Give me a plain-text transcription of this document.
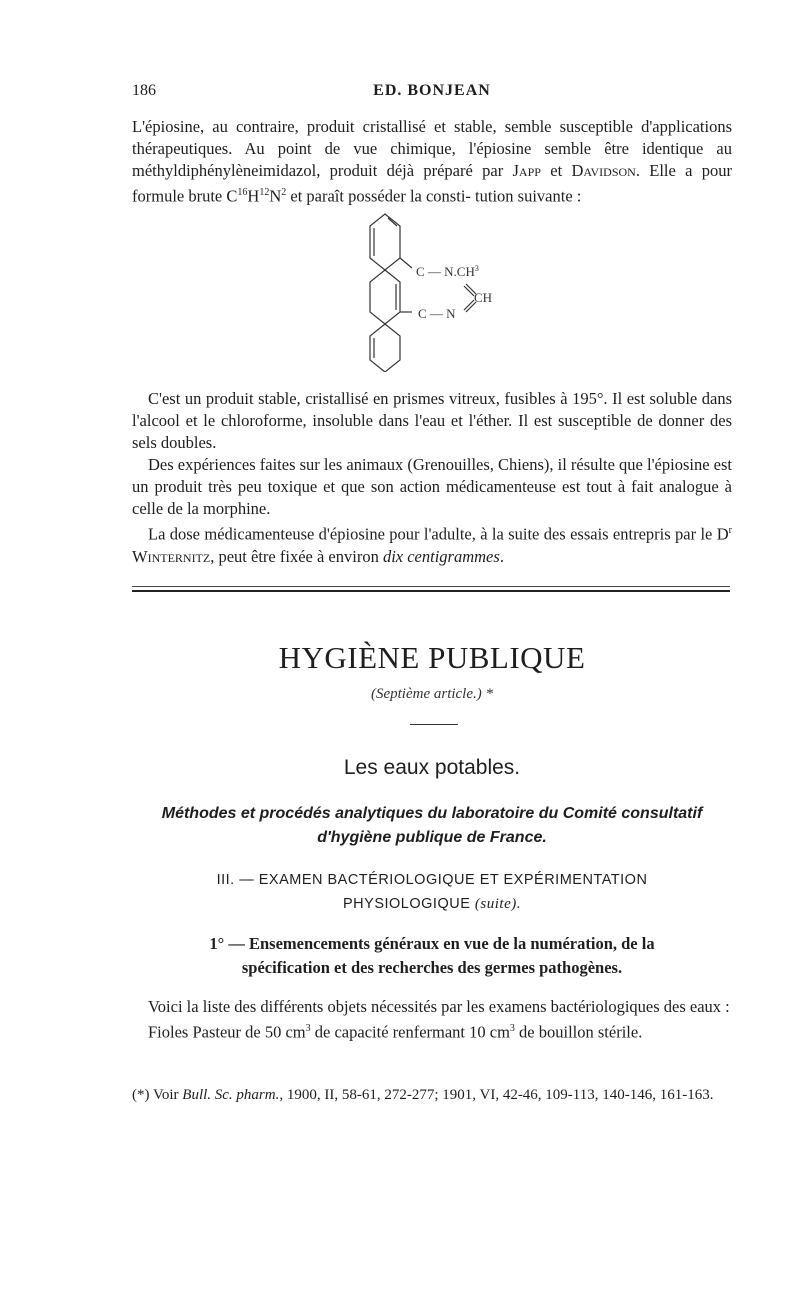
186	ED. BONJEAN

L'épiosine, au contraire, produit cristallisé et stable, semble susceptible d'applications thérapeutiques. Au point de vue chimique, l'épiosine semble être identique au méthyldiphénylèneimidazol, produit déjà préparé par Japp et Davidson. Elle a pour formule brute $C^{16}H^{12}N^2$ et paraît posséder la consti- tution suivante :

C — $N.CH^3$
CH
C — N

C'est un produit stable, cristallisé en prismes vitreux, fusibles à 195°. Il est soluble dans l'alcool et le chloroforme, insoluble dans l'eau et l'éther. Il est susceptible de donner des sels doubles.

Des expériences faites sur les animaux (Grenouilles, Chiens), il résulte que l'épiosine est un produit très peu toxique et que son action médicamenteuse est tout à fait analogue à celle de la morphine.

La dose médicamenteuse d'épiosine pour l'adulte, à la suite des essais entrepris par le $D^r$ Winternitz, peut être fixée à environ dix centigrammes.

HYGIÈNE PUBLIQUE
(Septième article.) *
Les eaux potables.
Méthodes et procédés analytiques du laboratoire du Comité consultatif
d'hygiène publique de France.
III. — EXAMEN BACTÉRIOLOGIQUE ET EXPÉRIMENTATION
PHYSIOLOGIQUE (suite).
1° — Ensemencements généraux en vue de la numération, de la
spécification et des recherches des germes pathogènes.

Voici la liste des différents objets nécessités par les examens bactériologiques des eaux :

Fioles Pasteur de 50 $cm^3$ de capacité renfermant 10 $cm^3$ de bouillon stérile.

(*) Voir Bull. Sc. pharm., 1900, II, 58-61, 272-277; 1901, VI, 42-46, 109-113, 140-146, 161-163.
